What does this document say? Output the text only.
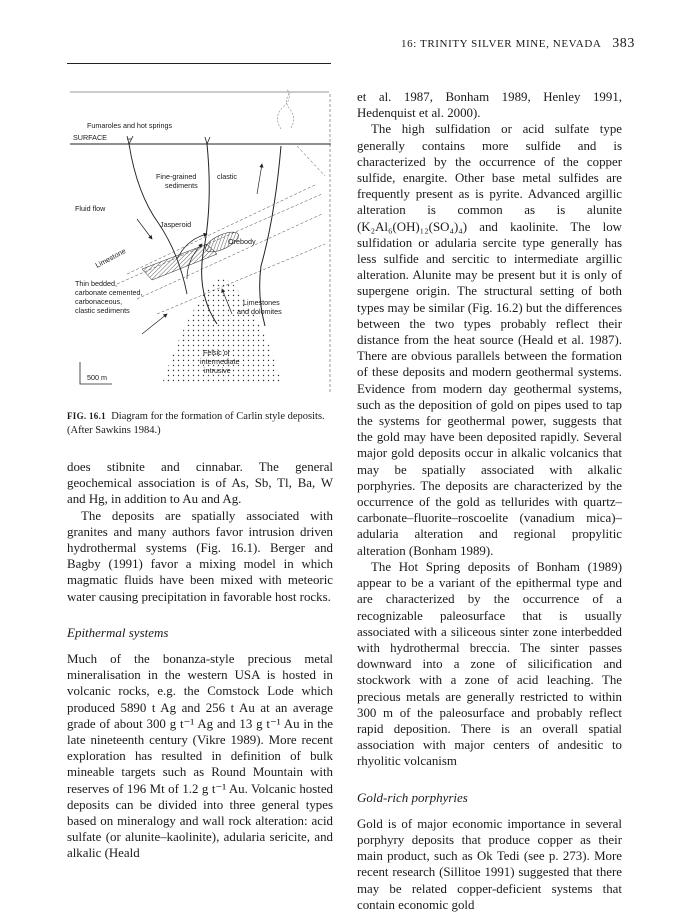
16: TRINITY SILVER MINE, NEVADA 383
Fumaroles and hot springs
SURFACE
Fine-grained	clastic
sediments
Fluid flow
Jasperoid
Orebody
Limestone
Thin bedded,
carbonate cemented,
carbonaceous,
clastic sediments
Limestones
and dolomites
Felsic or
intermediate
intrusive
500 m
FIG. 16.1 Diagram for the formation of Carlin style deposits. (After Sawkins 1984.)

does stibnite and cinnabar. The general geochemical association is of As, Sb, Tl, Ba, W and Hg, in addition to Au and Ag.

The deposits are spatially associated with granites and many authors favor intrusion driven hydrothermal systems (Fig. 16.1). Berger and Bagby (1991) favor a mixing model in which magmatic fluids have been mixed with meteoric water causing precipitation in favorable host rocks.

Epithermal systems

Much of the bonanza-style precious metal mineralisation in the western USA is hosted in volcanic rocks, e.g. the Comstock Lode which produced 5890 t Ag and 256 t Au at an average grade of about 300 g t⁻¹ Ag and 13 g t⁻¹ Au in the late nineteenth century (Vikre 1989). More recent exploration has resulted in definition of bulk mineable targets such as Round Mountain with reserves of 196 Mt of 1.2 g t⁻¹ Au. Volcanic hosted deposits can be divided into three general types based on mineralogy and wall rock alteration: acid sulfate (or alunite–kaolinite), adularia sericite, and alkalic (Heald

et al. 1987, Bonham 1989, Henley 1991, Hedenquist et al. 2000).

The high sulfidation or acid sulfate type generally contains more sulfide and is characterized by the occurrence of the copper sulfide, enargite. Other base metal sulfides are frequently present as is pyrite. Advanced argillic alteration is common as is alunite (K₂Al₆(OH)₁₂(SO₄)₄) and kaolinite. The low sulfidation or adularia sercite type generally has less sulfide and sercitic to intermediate argillic alteration. Alunite may be present but it is only of supergene origin. The structural setting of both types may be similar (Fig. 16.2) but the differences between the two types probably reflect their distance from the heat source (Heald et al. 1987). There are obvious parallels between the formation of these deposits and modern geothermal systems. Evidence from modern day geothermal systems, such as the deposition of gold on pipes used to tap the systems for geothermal power, suggests that the gold may have been deposited rapidly. Several major gold deposits occur in alkalic volcanics that may be spatially associated with alkalic porphyries. The deposits are characterized by the occurrence of the gold as tellurides with quartz–carbonate–fluorite–roscoelite (vanadium mica)–adularia alteration and regional propylitic alteration (Bonham 1989).

The Hot Spring deposits of Bonham (1989) appear to be a variant of the epithermal type and are characterized by the occurrence of a recognizable paleosurface that is usually associated with a siliceous sinter zone interbedded with hydrothermal breccia. The sinter passes downward into a zone of silicification and stockwork with a zone of acid leaching. The precious metals are generally restricted to within 300 m of the paleosurface and probably reflect rapid deposition. There is an overall spatial association with major centers of andesitic to rhyolitic volcanism

Gold-rich porphyries

Gold is of major economic importance in several porphyry deposits that produce copper as their main product, such as Ok Tedi (see p. 273). More recent research (Sillitoe 1991) suggested that there may be related copper-deficient systems that contain economic gold
